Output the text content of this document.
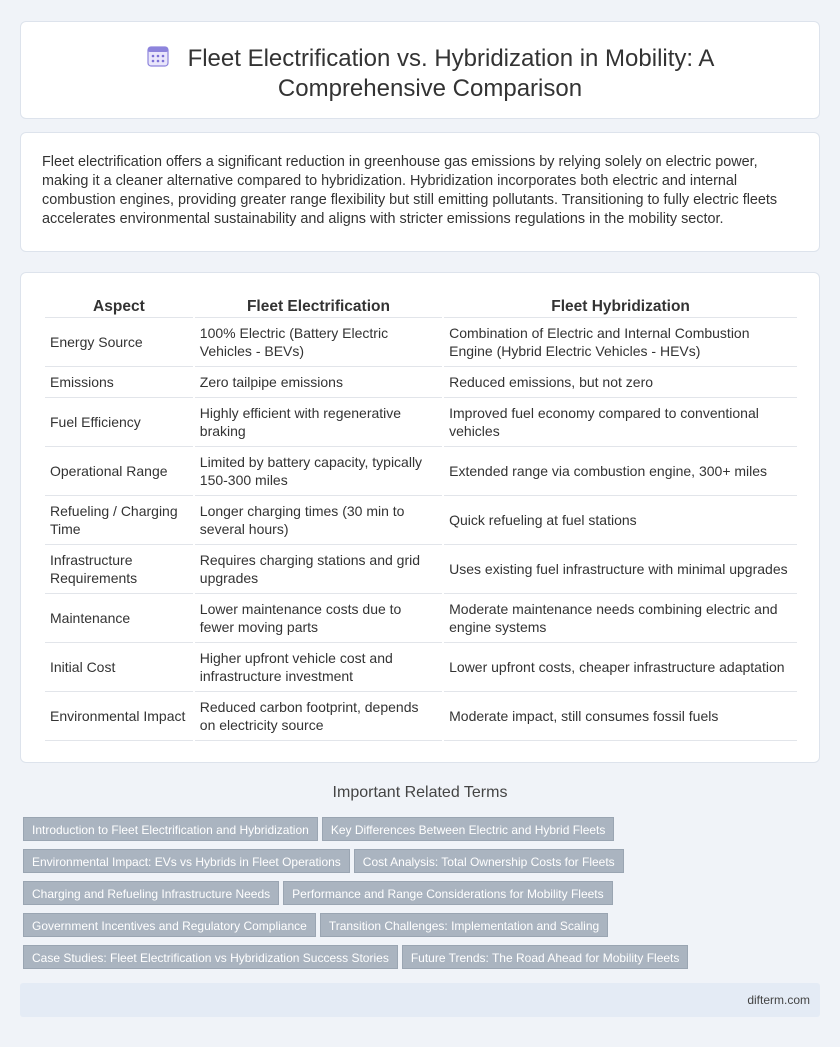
Fleet Electrification vs. Hybridization in Mobility: A Comprehensive Comparison

Fleet electrification offers a significant reduction in greenhouse gas emissions by relying solely on electric power, making it a cleaner alternative compared to hybridization. Hybridization incorporates both electric and internal combustion engines, providing greater range flexibility but still emitting pollutants. Transitioning to fully electric fleets accelerates environmental sustainability and aligns with stricter emissions regulations in the mobility sector.

Aspect	Fleet Electrification	Fleet Hybridization
Energy Source	100% Electric (Battery Electric Vehicles - BEVs)	Combination of Electric and Internal Combustion Engine (Hybrid Electric Vehicles - HEVs)
Emissions	Zero tailpipe emissions	Reduced emissions, but not zero
Fuel Efficiency	Highly efficient with regenerative braking	Improved fuel economy compared to conventional vehicles
Operational Range	Limited by battery capacity, typically 150-300 miles	Extended range via combustion engine, 300+ miles
Refueling / Charging Time	Longer charging times (30 min to several hours)	Quick refueling at fuel stations
Infrastructure Requirements	Requires charging stations and grid upgrades	Uses existing fuel infrastructure with minimal upgrades
Maintenance	Lower maintenance costs due to fewer moving parts	Moderate maintenance needs combining electric and engine systems
Initial Cost	Higher upfront vehicle cost and infrastructure investment	Lower upfront costs, cheaper infrastructure adaptation
Environmental Impact	Reduced carbon footprint, depends on electricity source	Moderate impact, still consumes fossil fuels
Important Related Terms
Introduction to Fleet Electrification and Hybridization Key Differences Between Electric and Hybrid Fleets
Environmental Impact: EVs vs Hybrids in Fleet Operations Cost Analysis: Total Ownership Costs for Fleets
Charging and Refueling Infrastructure Needs Performance and Range Considerations for Mobility Fleets
Government Incentives and Regulatory Compliance Transition Challenges: Implementation and Scaling
Case Studies: Fleet Electrification vs Hybridization Success Stories Future Trends: The Road Ahead for Mobility Fleets
difterm.com
